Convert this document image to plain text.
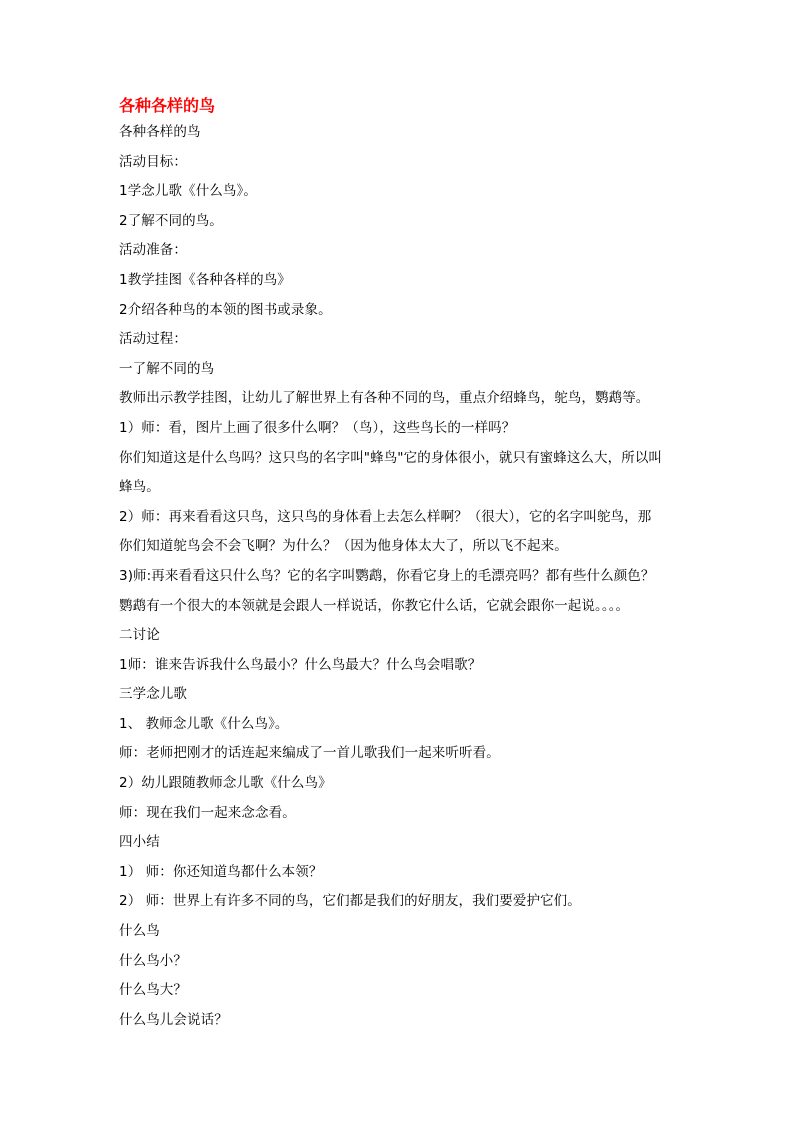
各种各样的鸟
各种各样的鸟
活动目标：
1学念儿歌《什么鸟》。
2了解不同的鸟。
活动准备：
1教学挂图《各种各样的鸟》
2介绍各种鸟的本领的图书或录象。
活动过程：
一了解不同的鸟
教师出示教学挂图，让幼儿了解世界上有各种不同的鸟，重点介绍蜂鸟，鸵鸟，鹦鹉等。
1）师：看，图片上画了很多什么啊？（鸟），这些鸟长的一样吗？
你们知道这是什么鸟吗？这只鸟的名字叫"蜂鸟"它的身体很小，就只有蜜蜂这么大，所以叫
蜂鸟。
2）师：再来看看这只鸟，这只鸟的身体看上去怎么样啊？（很大），它的名字叫鸵鸟，那
你们知道鸵鸟会不会飞啊？为什么？（因为他身体太大了，所以飞不起来。
3)师:再来看看这只什么鸟？它的名字叫鹦鹉，你看它身上的毛漂亮吗？都有些什么颜色？
鹦鹉有一个很大的本领就是会跟人一样说话，你教它什么话，它就会跟你一起说。。。。
二讨论
1师：谁来告诉我什么鸟最小？什么鸟最大？什么鸟会唱歌？
三学念儿歌
1、 教师念儿歌《什么鸟》。
师：老师把刚才的话连起来编成了一首儿歌我们一起来听听看。
2）幼儿跟随教师念儿歌《什么鸟》
师：现在我们一起来念念看。
四小结
1） 师：你还知道鸟都什么本领？
2） 师：世界上有许多不同的鸟，它们都是我们的好朋友，我们要爱护它们。
什么鸟
什么鸟小？
什么鸟大？
什么鸟儿会说话？
